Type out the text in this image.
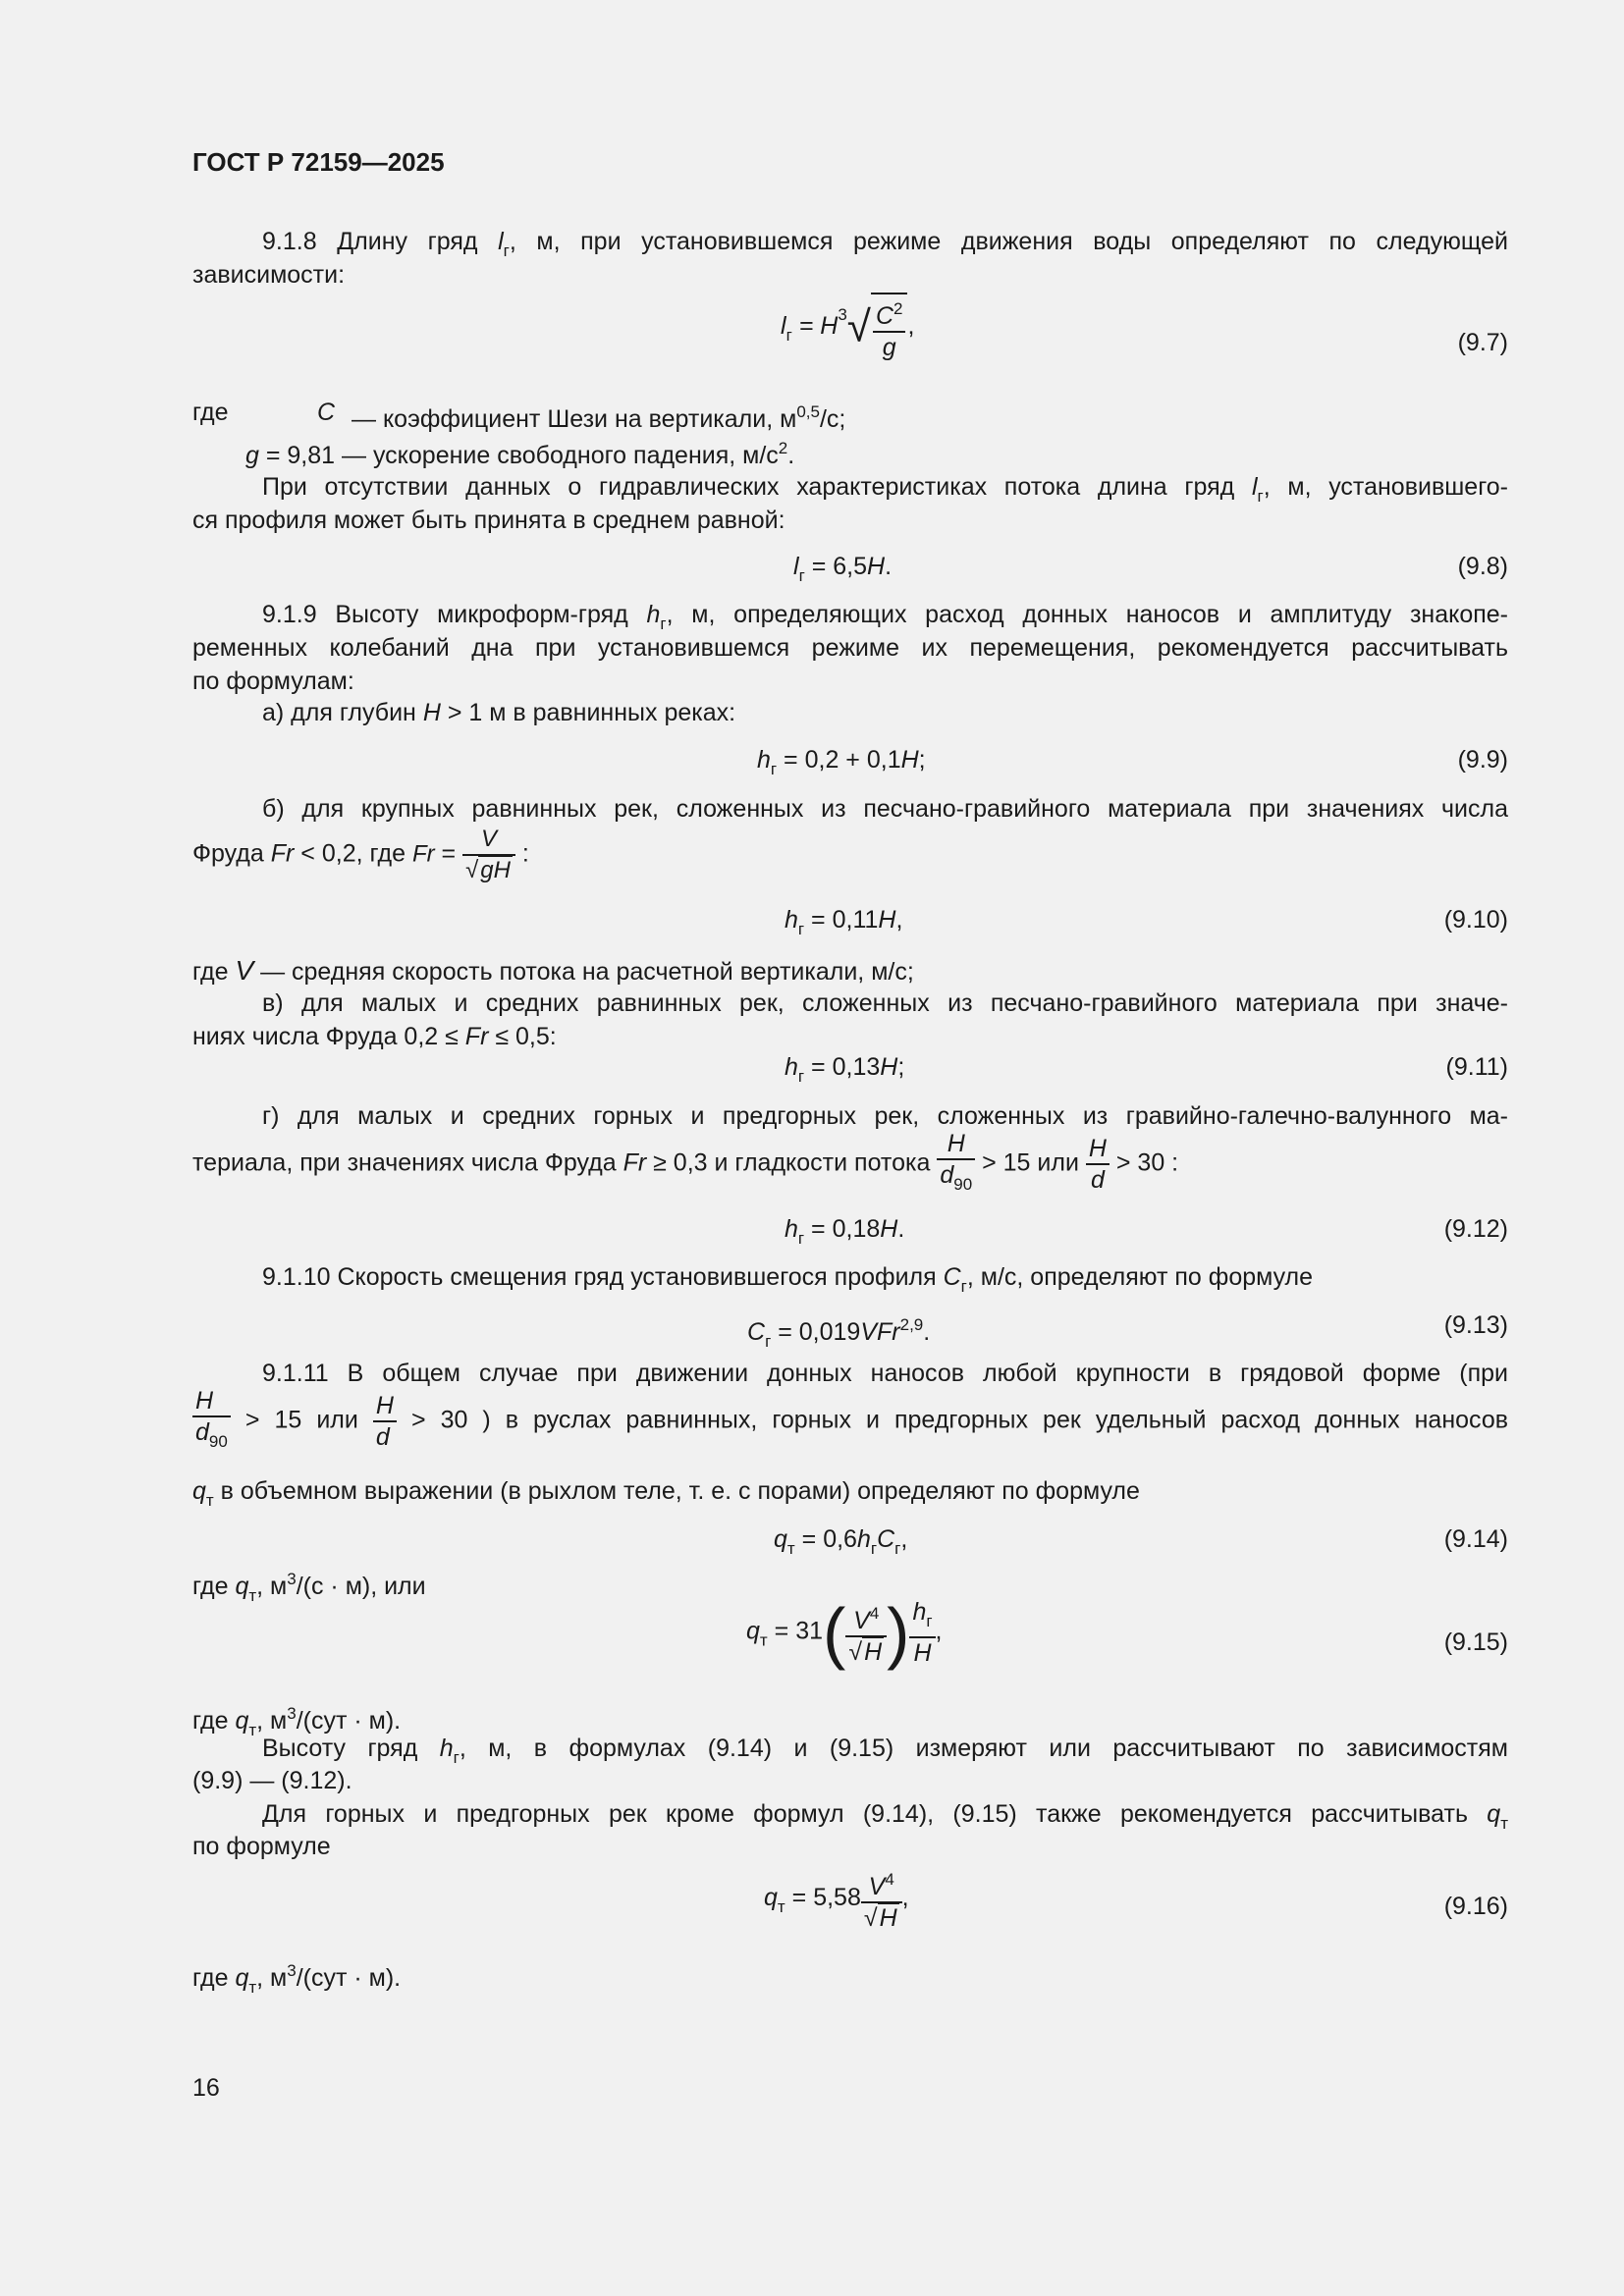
ГОСТ Р 72159—2025
9.1.8 Длину гряд $l_г$, м, при установившемся режиме движения воды определяют по следующей
зависимости:
$l_г = H^3√ \frac{C^2}{g}$ ,
(9.7)
где	C — коэффициент Шези на вертикали, $м^{0,5}/с$;
g = 9,81 — ускорение свободного падения, $м/с^2$.
При отсутствии данных о гидравлических характеристиках потока длина гряд $l_г$, м, установившего-
ся профиля может быть принята в среднем равной:
$l_г = 6,5H$.	(9.8)
9.1.9 Высоту микроформ-гряд $h_г$, м, определяющих расход донных наносов и амплитуду знакопе-
ременных колебаний дна при установившемся режиме их перемещения, рекомендуется рассчитывать
по формулам:
а) для глубин H > 1 м в равнинных реках:
$h_г = 0,2 + 0,1H$;	(9.9)
б) для крупных равнинных рек, сложенных из песчано-гравийного материала при значениях числа
Фруда Fr < 0,2, где $Fr = \frac{V}{√gH}$ :
$h_г = 0,11H$,	(9.10)
где V — средняя скорость потока на расчетной вертикали, м/с;
в) для малых и средних равнинных рек, сложенных из песчано-гравийного материала при значе-
ниях числа Фруда 0,2 ≤ Fr ≤ 0,5:
$h_г = 0,13H$;	(9.11)
г) для малых и средних горных и предгорных рек, сложенных из гравийно-галечно-валунного ма-
териала, при значениях числа Фруда Fr ≥ 0,3 и гладкости потока $\frac{H}{d_{90}} > 15$ или $\frac{H}{d} > 30$ :
$h_г = 0,18H$.	(9.12)
9.1.10 Скорость смещения гряд установившегося профиля $C_г$, м/с, определяют по формуле
$C_г = 0,019VFr^{2,9}$.	(9.13)
9.1.11 В общем случае при движении донных наносов любой крупности в грядовой форме (при
$\frac{H}{d_{90}} > 15$ или $\frac{H}{d} > 30$ ) в руслах равнинных, горных и предгорных рек удельный расход донных наносов
$q_т$ в объемном выражении (в рыхлом теле, т. е. с порами) определяют по формуле
$q_т = 0,6h_гC_г$,	(9.14)
где $q_т$, $м^3/(с \cdot м)$, или
$q_т = 31( \frac{V^4}{√H}$ ) $\frac{h_г}{H}$ ,	(9.15)
где $q_т$, $м^3/(сут \cdot м)$.
Высоту гряд $h_г$, м, в формулах (9.14) и (9.15) измеряют или рассчитывают по зависимостям
(9.9) — (9.12).
Для горных и предгорных рек кроме формул (9.14), (9.15) также рекомендуется рассчитывать $q_т$
по формуле
$q_т = 5,58 \frac{V^4}{√H}$ ,	(9.16)
где $q_т$, $м^3/(сут \cdot м)$.
16
